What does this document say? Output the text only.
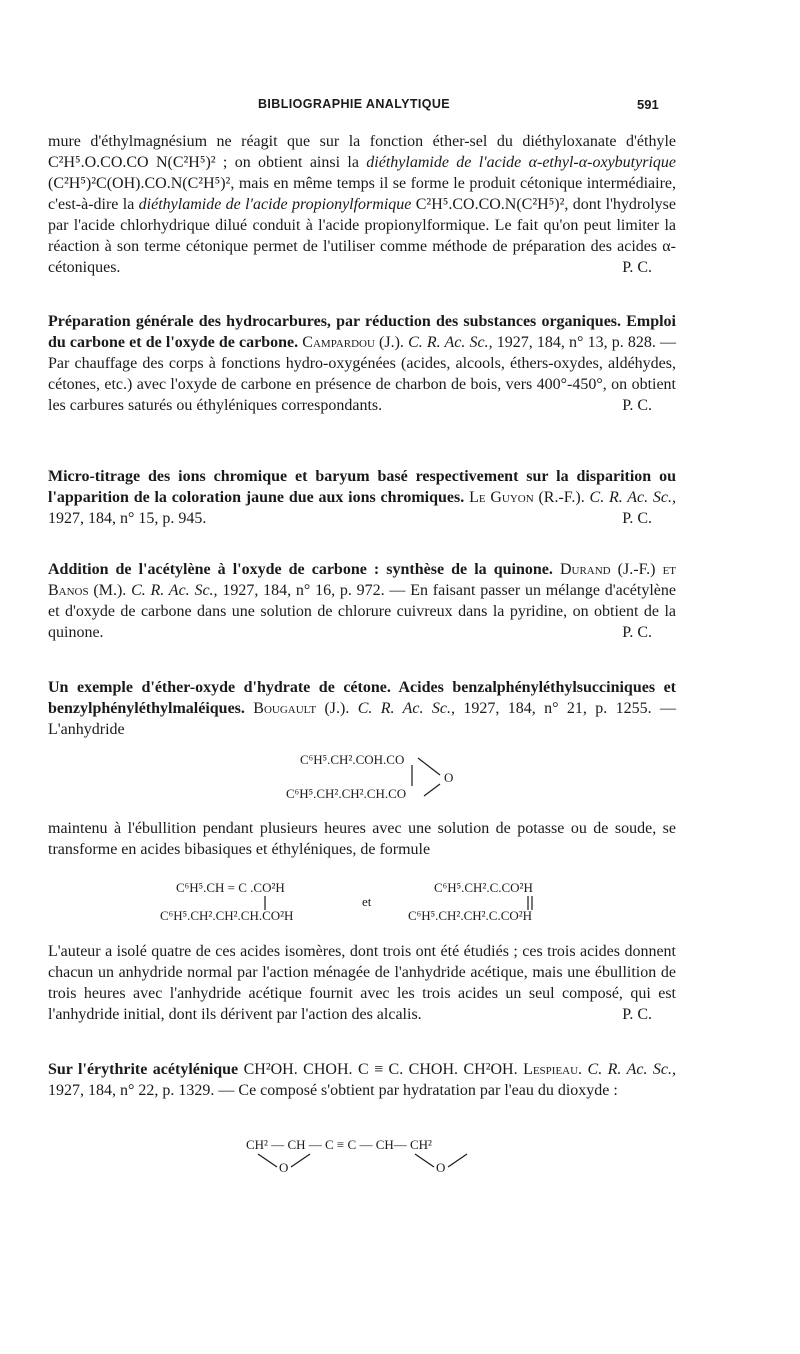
BIBLIOGRAPHIE ANALYTIQUE	591

mure d'éthylmagnésium ne réagit que sur la fonction éther-sel du diéthyloxanate d'éthyle C²H⁵.O.CO.CO N(C²H⁵)² ; on obtient ainsi la diéthylamide de l'acide α-ethyl-α-oxybutyrique (C²H⁵)²C(OH).CO.N(C²H⁵)², mais en même temps il se forme le produit cétonique intermédiaire, c'est-à-dire la diéthylamide de l'acide propionylformique C²H⁵.CO.CO.N(C²H⁵)², dont l'hydrolyse par l'acide chlorhydrique dilué conduit à l'acide propionylformique. Le fait qu'on peut limiter la réaction à son terme cétonique permet de l'utiliser comme méthode de préparation des acides α-cétoniques.	P. C.

Préparation générale des hydrocarbures, par réduction des substances organiques. Emploi du carbone et de l'oxyde de carbone. Campardou (J.). C. R. Ac. Sc., 1927, 184, n° 13, p. 828. — Par chauffage des corps à fonctions hydro-oxygénées (acides, alcools, éthers-oxydes, aldéhydes, cétones, etc.) avec l'oxyde de carbone en présence de charbon de bois, vers 400°-450°, on obtient les carbures saturés ou éthyléniques correspondants.	P. C.

Micro-titrage des ions chromique et baryum basé respectivement sur la disparition ou l'apparition de la coloration jaune due aux ions chromiques. Le Guyon (R.-F.). C. R. Ac. Sc., 1927, 184, n° 15, p. 945.	P. C.

Addition de l'acétylène à l'oxyde de carbone : synthèse de la quinone. Durand (J.-F.) et Banos (M.). C. R. Ac. Sc., 1927, 184, n° 16, p. 972. — En faisant passer un mélange d'acétylène et d'oxyde de carbone dans une solution de chlorure cuivreux dans la pyridine, on obtient de la quinone.	P. C.

Un exemple d'éther-oxyde d'hydrate de cétone. Acides benzalphényléthylsucciniques et benzylphényléthylmaléiques. Bougault (J.). C. R. Ac. Sc., 1927, 184, n° 21, p. 1255. — L'anhydride

C⁶H⁵.CH².COH.CO
C⁶H⁵.CH².CH².CH.CO
O

maintenu à l'ébullition pendant plusieurs heures avec une solution de potasse ou de soude, se transforme en acides bibasiques et éthyléniques, de formule

C⁶H⁵.CH = C .CO²H
C⁶H⁵.CH².CH².CH.CO²H
et
C⁶H⁵.CH².C.CO²H
C⁶H⁵.CH².CH².C.CO²H

L'auteur a isolé quatre de ces acides isomères, dont trois ont été étudiés ; ces trois acides donnent chacun un anhydride normal par l'action ménagée de l'anhydride acétique, mais une ébullition de trois heures avec l'anhydride acétique fournit avec les trois acides un seul composé, qui est l'anhydride initial, dont ils dérivent par l'action des alcalis.	P. C.

Sur l'érythrite acétylénique CH²OH. CHOH. C ≡ C. CHOH. CH²OH. Lespieau. C. R. Ac. Sc., 1927, 184, n° 22, p. 1329. — Ce composé s'obtient par hydratation par l'eau du dioxyde :

CH² — CH — C ≡ C — CH— CH²
O	O
